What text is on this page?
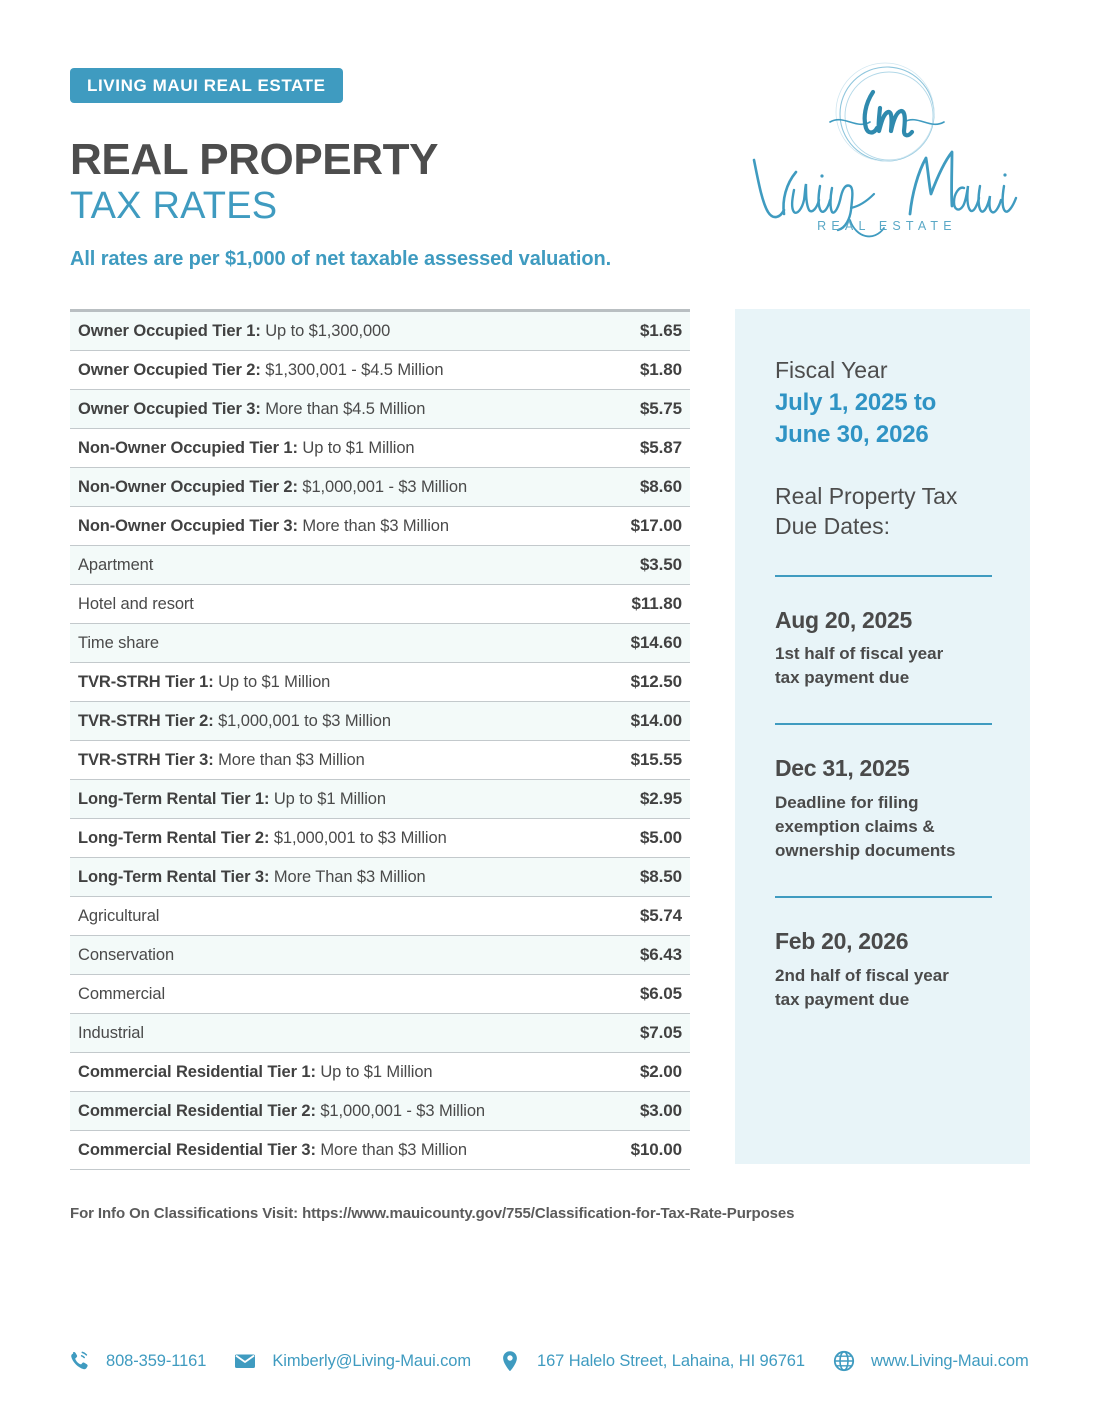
LIVING MAUI REAL ESTATE
REAL PROPERTY
TAX RATES	REAL ESTATE
All rates are per $1,000 of net taxable assessed valuation.
Owner Occupied Tier 1: Up to $1,300,000	$1.65
Owner Occupied Tier 2: $1,300,001 - $4.5 Million	$1.80
Owner Occupied Tier 3: More than $4.5 Million	$5.75
Non-Owner Occupied Tier 1: Up to $1 Million	$5.87
Non-Owner Occupied Tier 2: $1,000,001 - $3 Million	$8.60
Non-Owner Occupied Tier 3: More than $3 Million	$17.00
Apartment	$3.50
Hotel and resort	$11.80
Time share	$14.60
TVR-STRH Tier 1: Up to $1 Million	$12.50
TVR-STRH Tier 2: $1,000,001 to $3 Million	$14.00
TVR-STRH Tier 3: More than $3 Million	$15.55
Long-Term Rental Tier 1: Up to $1 Million	$2.95
Long-Term Rental Tier 2: $1,000,001 to $3 Million	$5.00
Long-Term Rental Tier 3: More Than $3 Million	$8.50
Agricultural	$5.74
Conservation	$6.43
Commercial	$6.05
Industrial	$7.05
Commercial Residential Tier 1: Up to $1 Million	$2.00
Commercial Residential Tier 2: $1,000,001 - $3 Million	$3.00
Commercial Residential Tier 3: More than $3 Million	$10.00
Fiscal Year
July 1, 2025 to
June 30, 2026
Real Property Tax
Due Dates:
Aug 20, 2025
1st half of fiscal year
tax payment due
Dec 31, 2025
Deadline for filing
exemption claims &
ownership documents
Feb 20, 2026
2nd half of fiscal year
tax payment due
For Info On Classifications Visit: https://www.mauicounty.gov/755/Classification-for-Tax-Rate-Purposes
808-359-1161	Kimberly@Living-Maui.com	167 Halelo Street, Lahaina, HI 96761	www.Living-Maui.com
